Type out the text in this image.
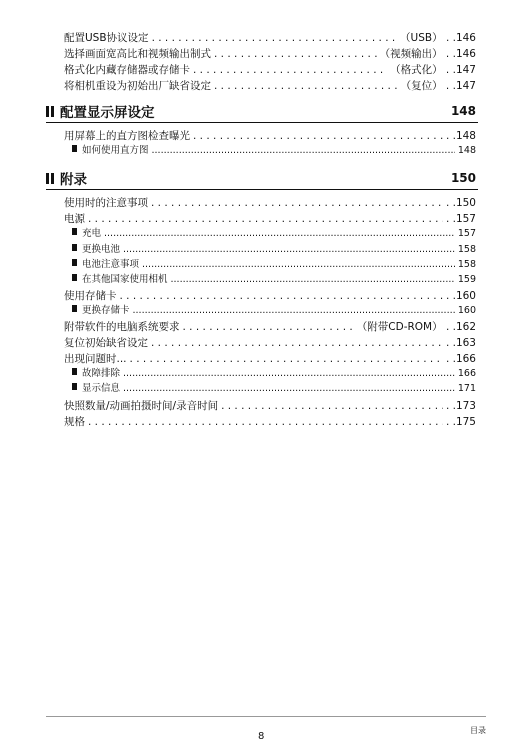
配置USB协议设定 . . .	（USB） . .146
选择画面宽高比和视频输出制式 . . .	（视频输出） . .146
格式化内藏存储器或存储卡 . . .	（格式化） . .147
将相机重设为初始出厂缺省设定 . . .	（复位） . .147
配置显示屏设定	148
用屏幕上的直方图检查曝光 . . .	. .148
如何使用直方图 .....	148
附录	150
使用时的注意事项 . . .	. .150
电源 . . .	. .157
充电 .....	157
更换电池 .....	158
电池注意事项 .....	158
在其他国家使用相机 .....	159
使用存储卡 . . .	. .160
更换存储卡 .....	160
附带软件的电脑系统要求 . . .	（附带CD-ROM） . .162
复位初始缺省设定 . . .	. .163
出现问题时... . . .	. .166
故障排除 .....	166
显示信息 .....	171
快照数量/动画拍摄时间/录音时间 . . .	. .173
规格 . . .	. .175
8
目录
